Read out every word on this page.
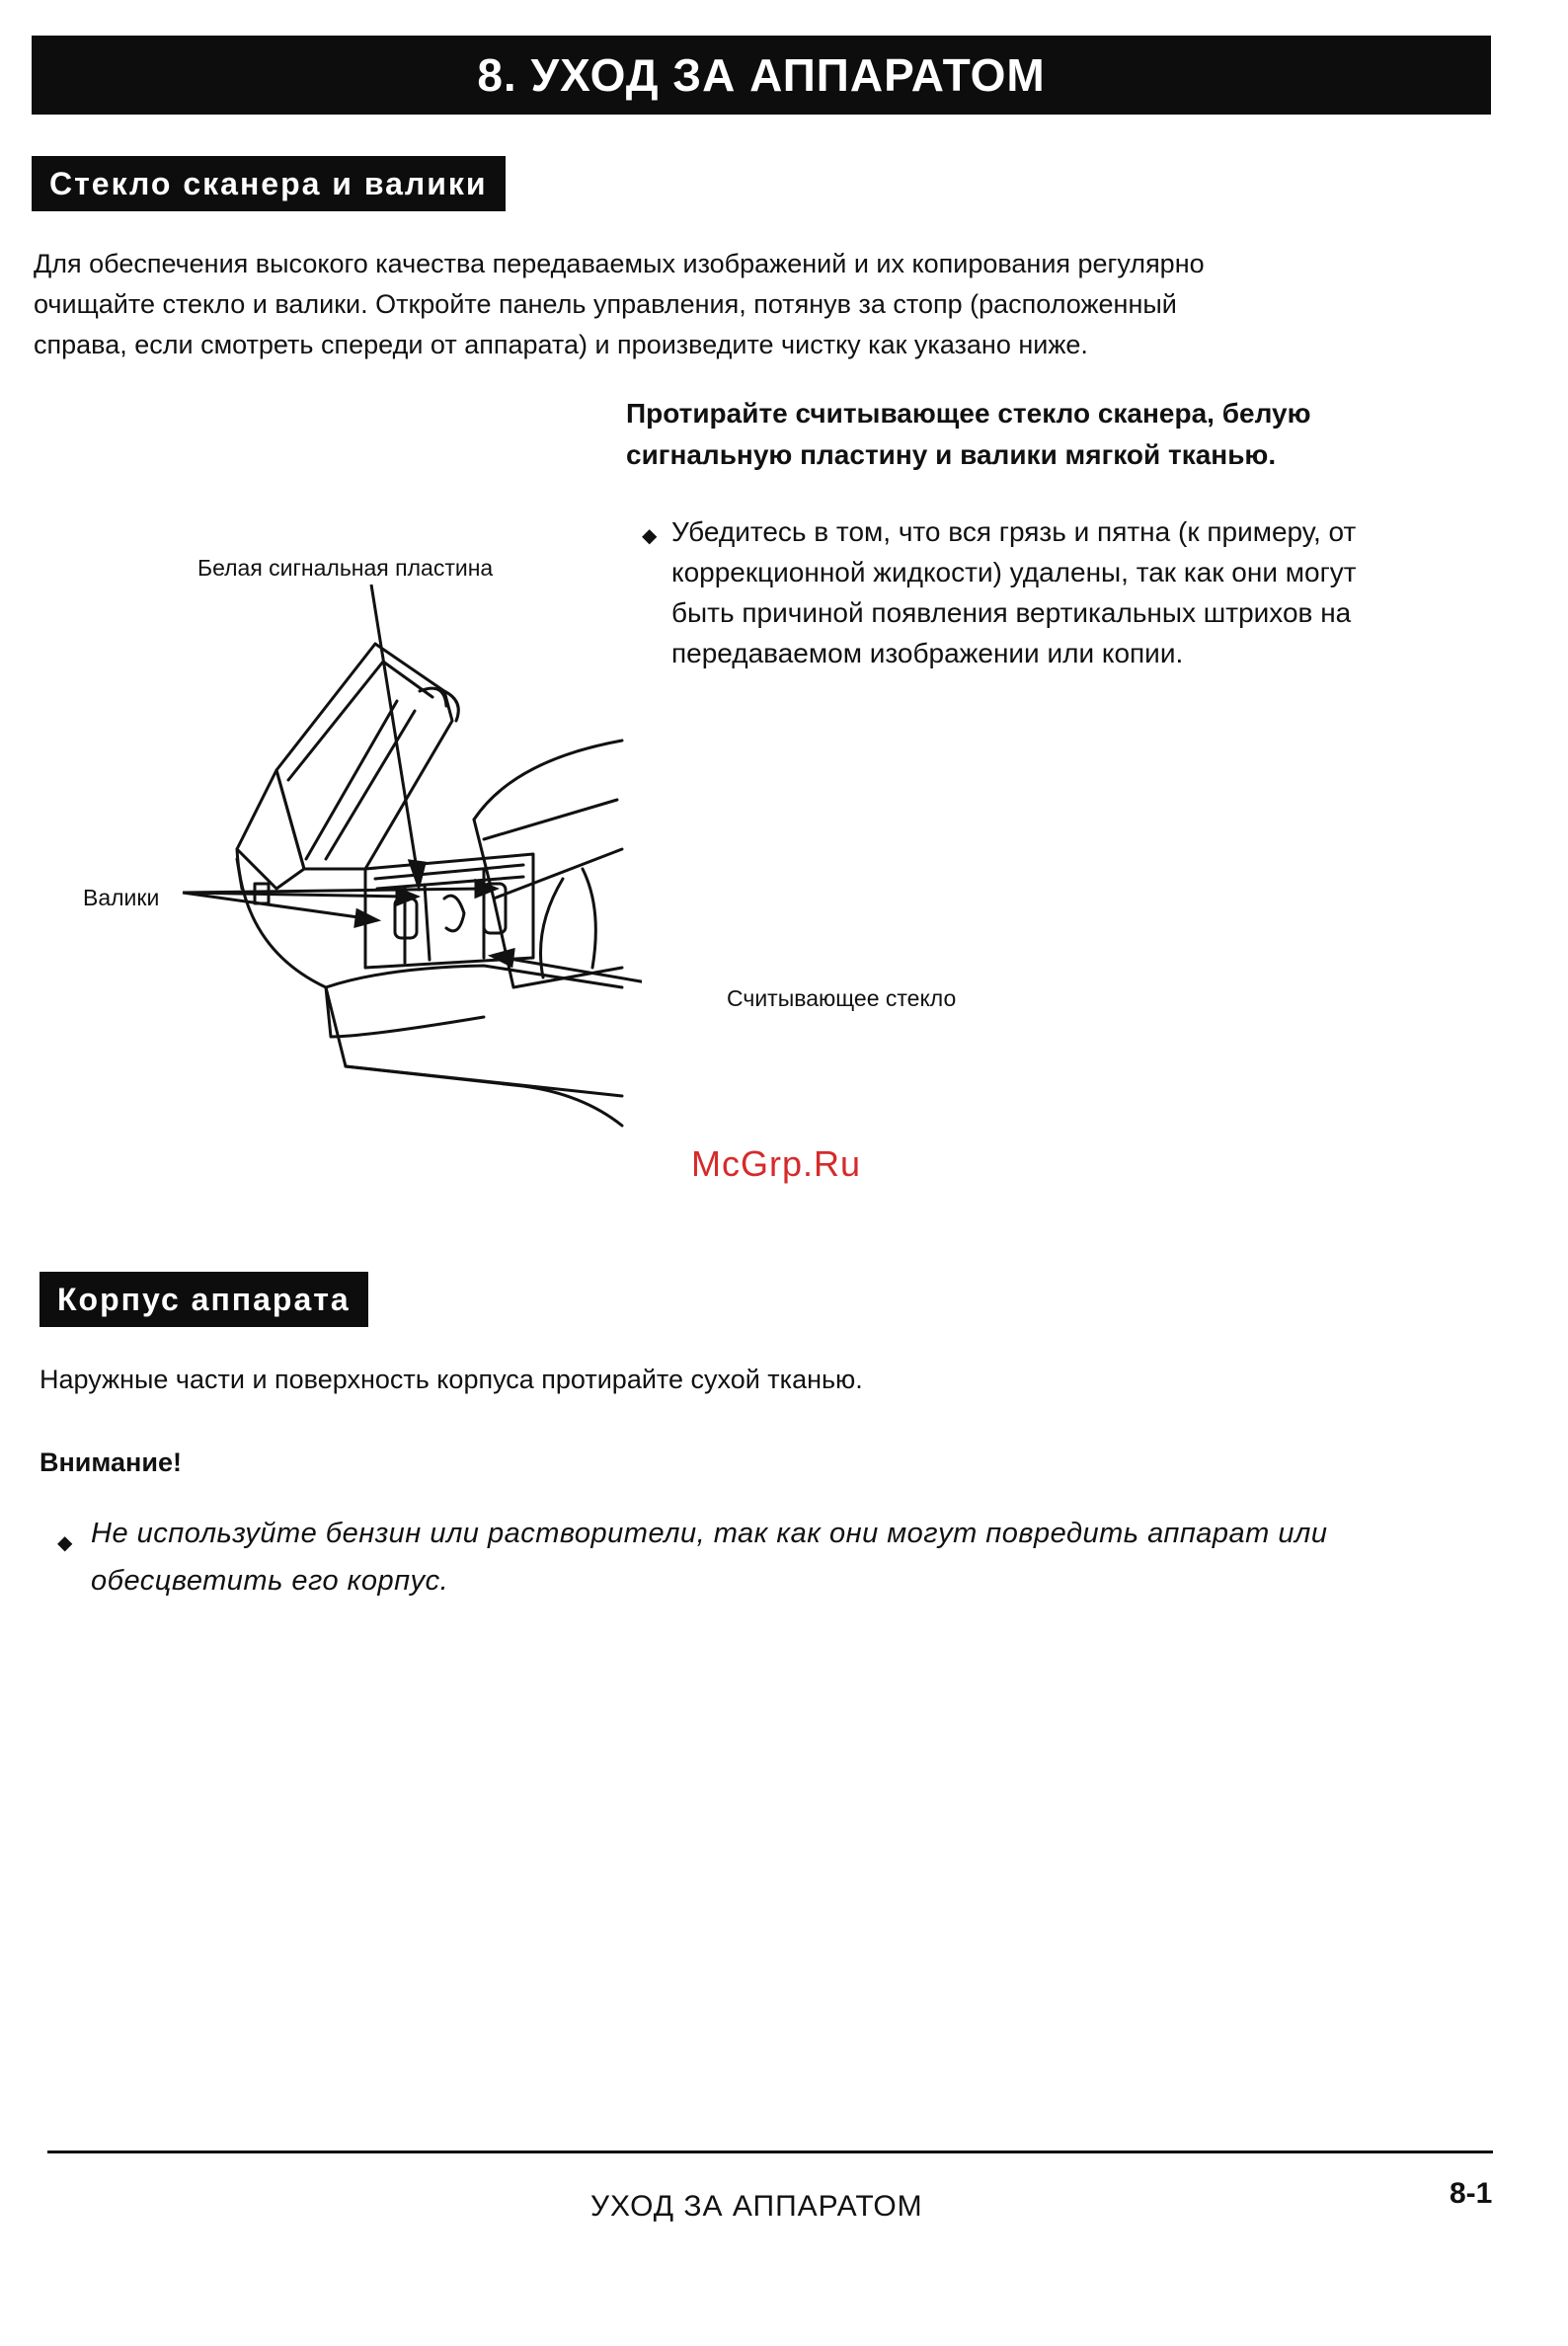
8. УХОД ЗА АППАРАТОМ
Стекло сканера и валики
Для обеспечения высокого качества передаваемых изображений и их копирования регулярно
очищайте стекло и валики. Откройте панель управления, потянув за стопр (расположенный
справа, если смотреть спереди от аппарата) и произведите чистку как указано ниже.
Протирайте считывающее стекло сканера, белую
сигнальную пластину и валики мягкой тканью.
◆ Убедитесь в том, что вся грязь и пятна (к примеру, от
коррекционной жидкости) удалены, так как они могут
быть причиной появления вертикальных штрихов на
передаваемом изображении или копии.
Белая сигнальная пластина
Валики
Считывающее стекло
McGrp.Ru
Корпус аппарата
Наружные части и поверхность корпуса протирайте сухой тканью.
Внимание!
◆ Не используйте бензин или растворители, так как они могут повредить аппарат или
обесцветить его корпус.
УХОД ЗА АППАРАТОМ	8-1
